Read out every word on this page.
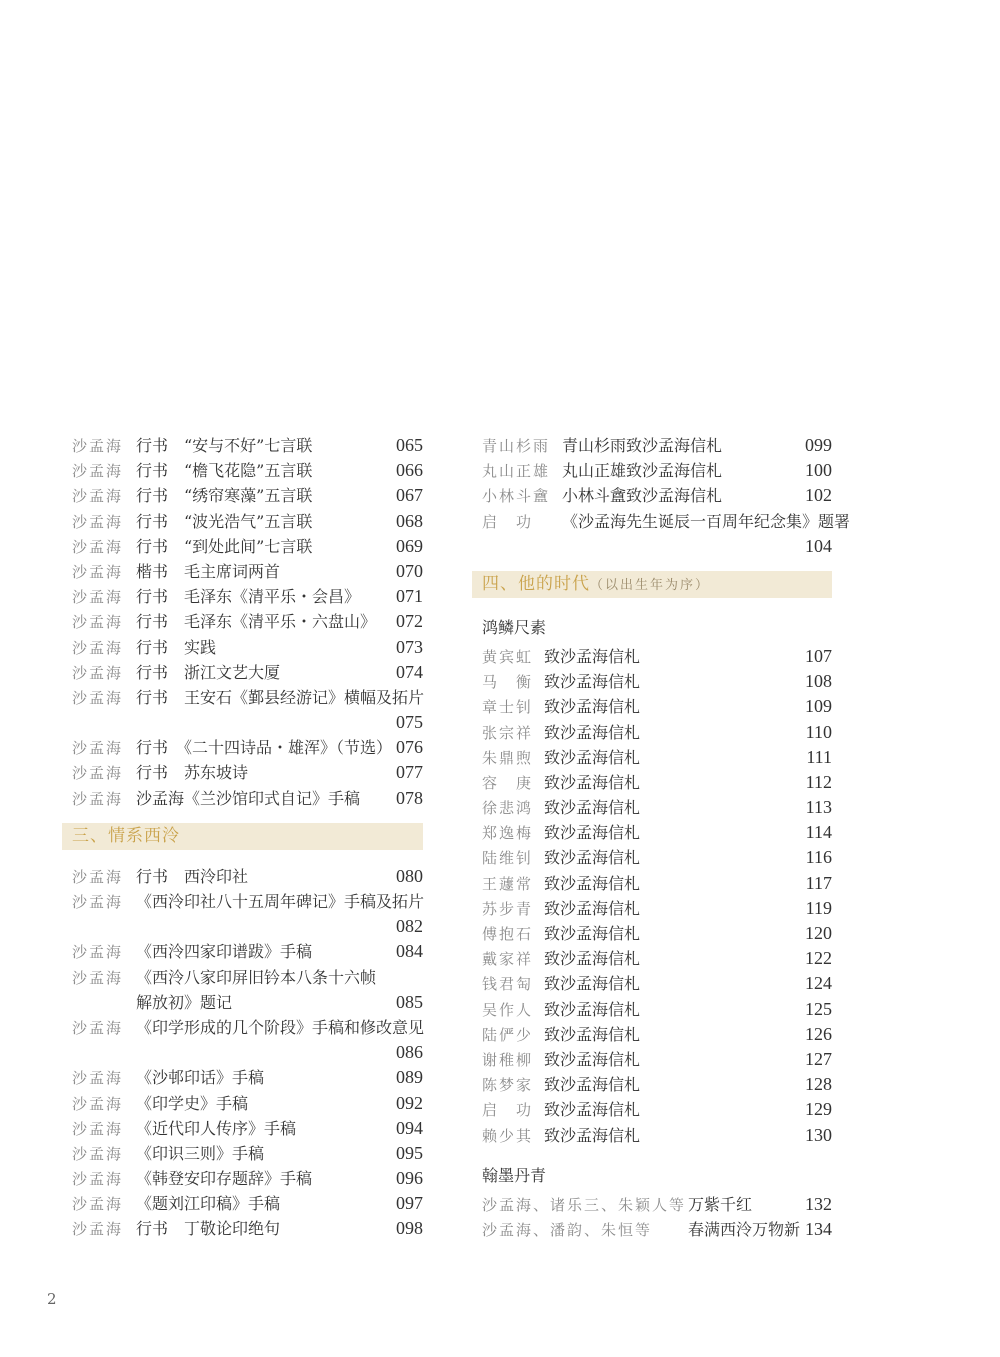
沙孟海 行书　“安与不好”七言联	065
沙孟海 行书　“檐飞花隐”五言联	066
沙孟海 行书　“绣帘寒藻”五言联	067
沙孟海 行书　“波光浩气”五言联	068
沙孟海 行书　“到处此间”七言联	069
沙孟海 楷书　毛主席词两首	070
沙孟海 行书　毛泽东《清平乐・会昌》 071
沙孟海 行书　毛泽东《清平乐・六盘山》 072
沙孟海 行书　实践	073
沙孟海 行书　浙江文艺大厦	074
沙孟海 行书　王安石《鄞县经游记》横幅及拓片
075
沙孟海 行书　《二十四诗品・雄浑》（节选） 076
沙孟海 行书　苏东坡诗	077
沙孟海 沙孟海《兰沙馆印式自记》手稿 078
三、情系西泠
沙孟海 行书　西泠印社	080
沙孟海 《西泠印社八十五周年碑记》手稿及拓片
082
沙孟海 《西泠四家印谱跋》手稿	084
沙孟海 《西泠八家印屏旧钤本八条十六帧
解放初》题记	085
沙孟海 《印学形成的几个阶段》手稿和修改意见
086
沙孟海 《沙邨印话》手稿	089
沙孟海 《印学史》手稿	092
沙孟海 《近代印人传序》手稿	094
沙孟海 《印识三则》手稿	095
沙孟海 《韩登安印存题辞》手稿	096
沙孟海 《题刘江印稿》手稿	097
沙孟海 行书　丁敬论印绝句	098
青山杉雨 青山杉雨致沙孟海信札	099
丸山正雄 丸山正雄致沙孟海信札	100
小林斗盦 小林斗盦致沙孟海信札	102
启　功 《沙孟海先生诞辰一百周年纪念集》题署
104
四、他的时代（以出生年为序）
鸿鳞尺素
黄宾虹 致沙孟海信札	107
马　衡 致沙孟海信札	108
章士钊 致沙孟海信札	109
张宗祥 致沙孟海信札	110
朱鼎煦 致沙孟海信札	111
容　庚 致沙孟海信札	112
徐悲鸿 致沙孟海信札	113
郑逸梅 致沙孟海信札	114
陆维钊 致沙孟海信札	116
王蘧常 致沙孟海信札	117
苏步青 致沙孟海信札	119
傅抱石 致沙孟海信札	120
戴家祥 致沙孟海信札	122
钱君匋 致沙孟海信札	124
吴作人 致沙孟海信札	125
陆俨少 致沙孟海信札	126
谢稚柳 致沙孟海信札	127
陈梦家 致沙孟海信札	128
启　功 致沙孟海信札	129
赖少其 致沙孟海信札	130
翰墨丹青
沙孟海、诸乐三、朱颖人等 万紫千红	132
沙孟海、潘韵、朱恒等 春满西泠万物新 134
2
